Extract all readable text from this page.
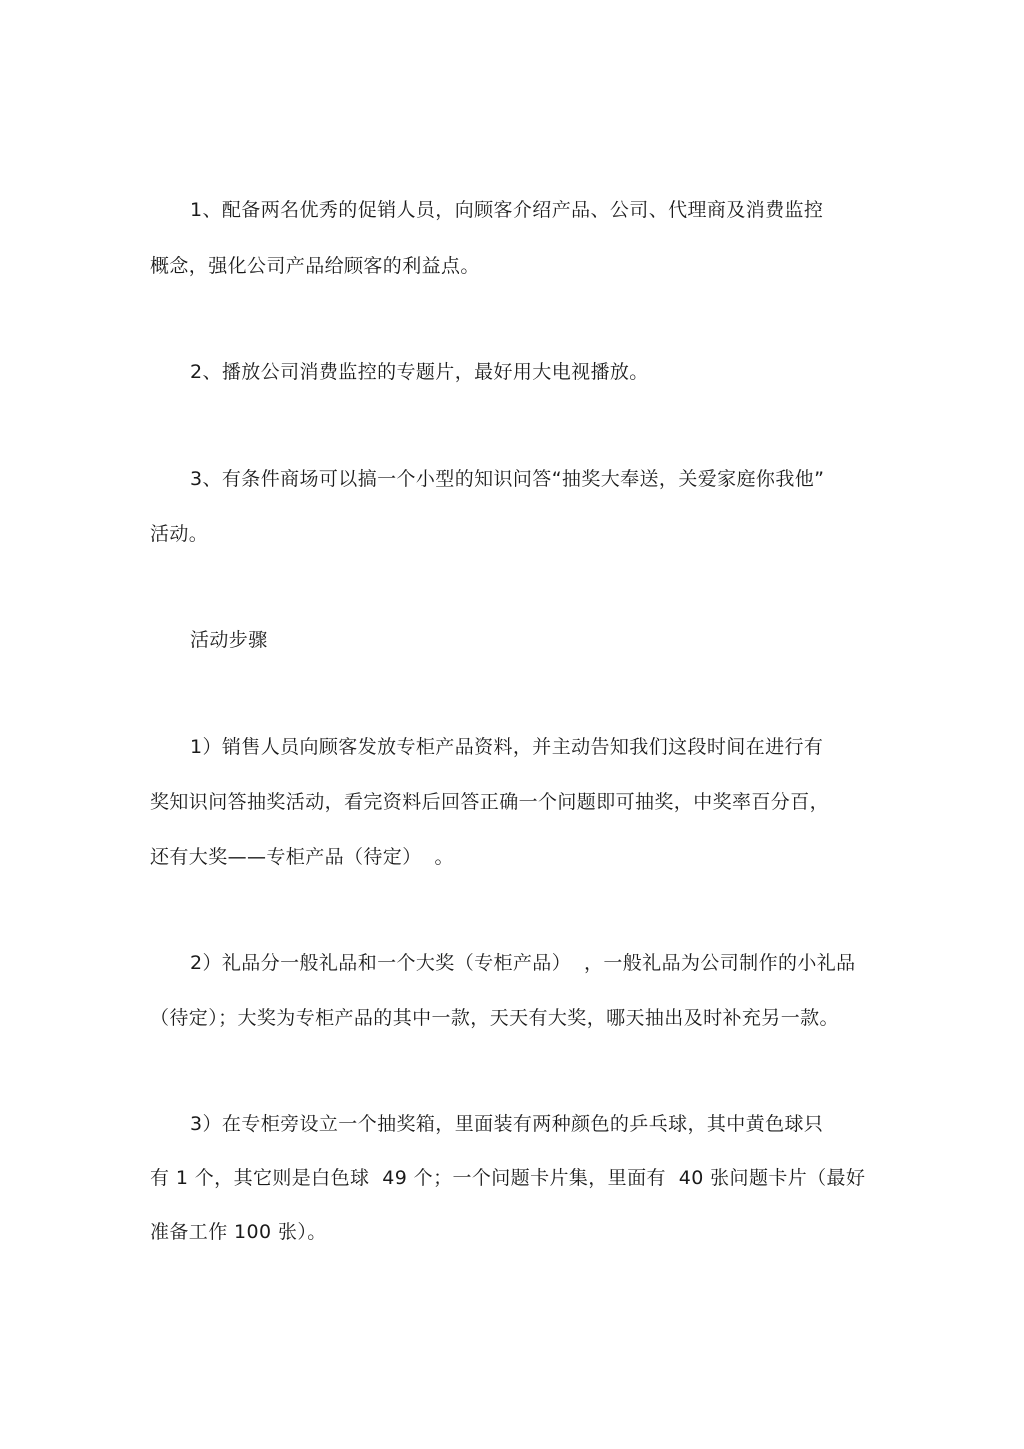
1、配备两名优秀的促销人员，向顾客介绍产品、公司、代理商及消费监控
概念，强化公司产品给顾客的利益点。
2、播放公司消费监控的专题片，最好用大电视播放。
3、有条件商场可以搞一个小型的知识问答“抽奖大奉送，关爱家庭你我他”
活动。
活动步骤
1）销售人员向顾客发放专柜产品资料，并主动告知我们这段时间在进行有
奖知识问答抽奖活动，看完资料后回答正确一个问题即可抽奖，中奖率百分百，
还有大奖——专柜产品（待定）  。
2）礼品分一般礼品和一个大奖（专柜产品）  ，一般礼品为公司制作的小礼品
（待定）；大奖为专柜产品的其中一款，天天有大奖，哪天抽出及时补充另一款。
3）在专柜旁设立一个抽奖箱，里面装有两种颜色的乒乓球，其中黄色球只
有 1 个，其它则是白色球  49 个；一个问题卡片集，里面有  40 张问题卡片（最好
准备工作 100 张）。
